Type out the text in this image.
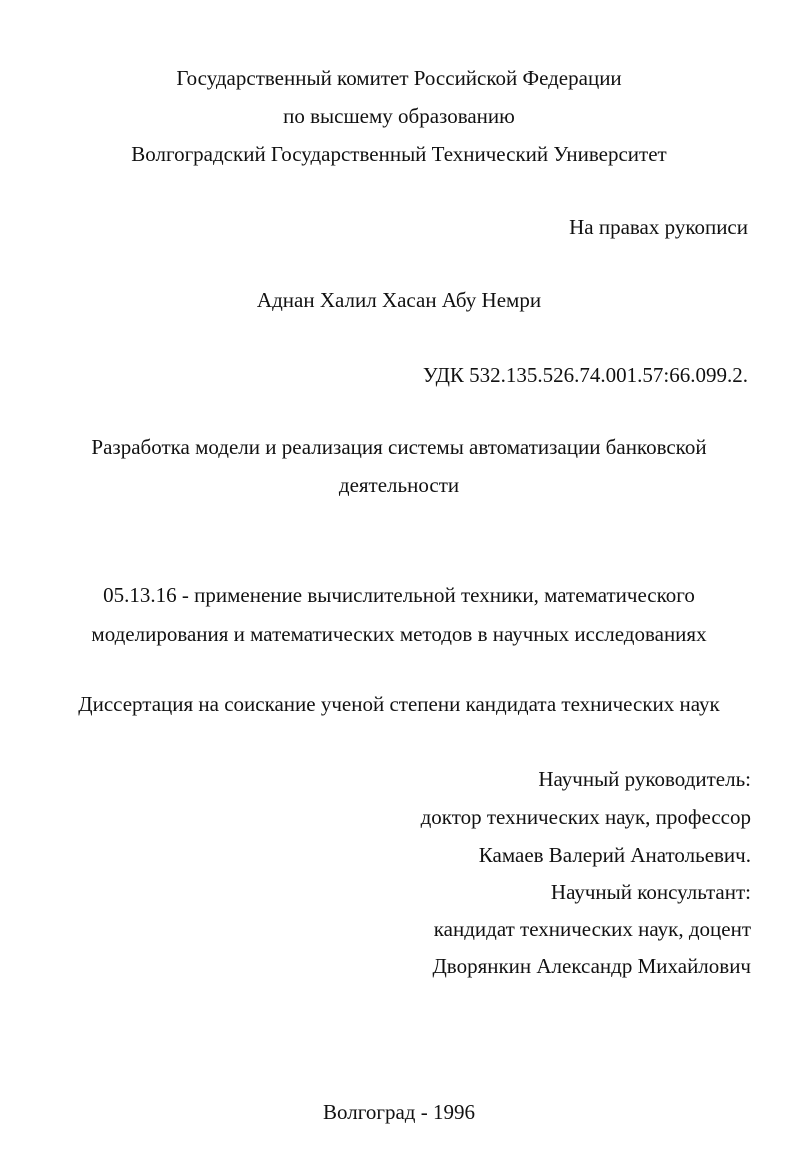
Государственный комитет Российской Федерации
по высшему образованию
Волгоградский Государственный Технический Университет
На правах рукописи
Аднан Халил Хасан Абу Немри
УДК 532.135.526.74.001.57:66.099.2.
Разработка модели и реализация системы автоматизации банковской
деятельности
05.13.16 - применение вычислительной техники, математического
моделирования и математических методов в научных исследованиях
Диссертация на соискание ученой степени кандидата технических наук
Научный руководитель:
доктор технических наук, профессор
Камаев Валерий Анатольевич.
Научный консультант:
кандидат технических наук, доцент
Дворянкин Александр Михайлович
Волгоград - 1996
